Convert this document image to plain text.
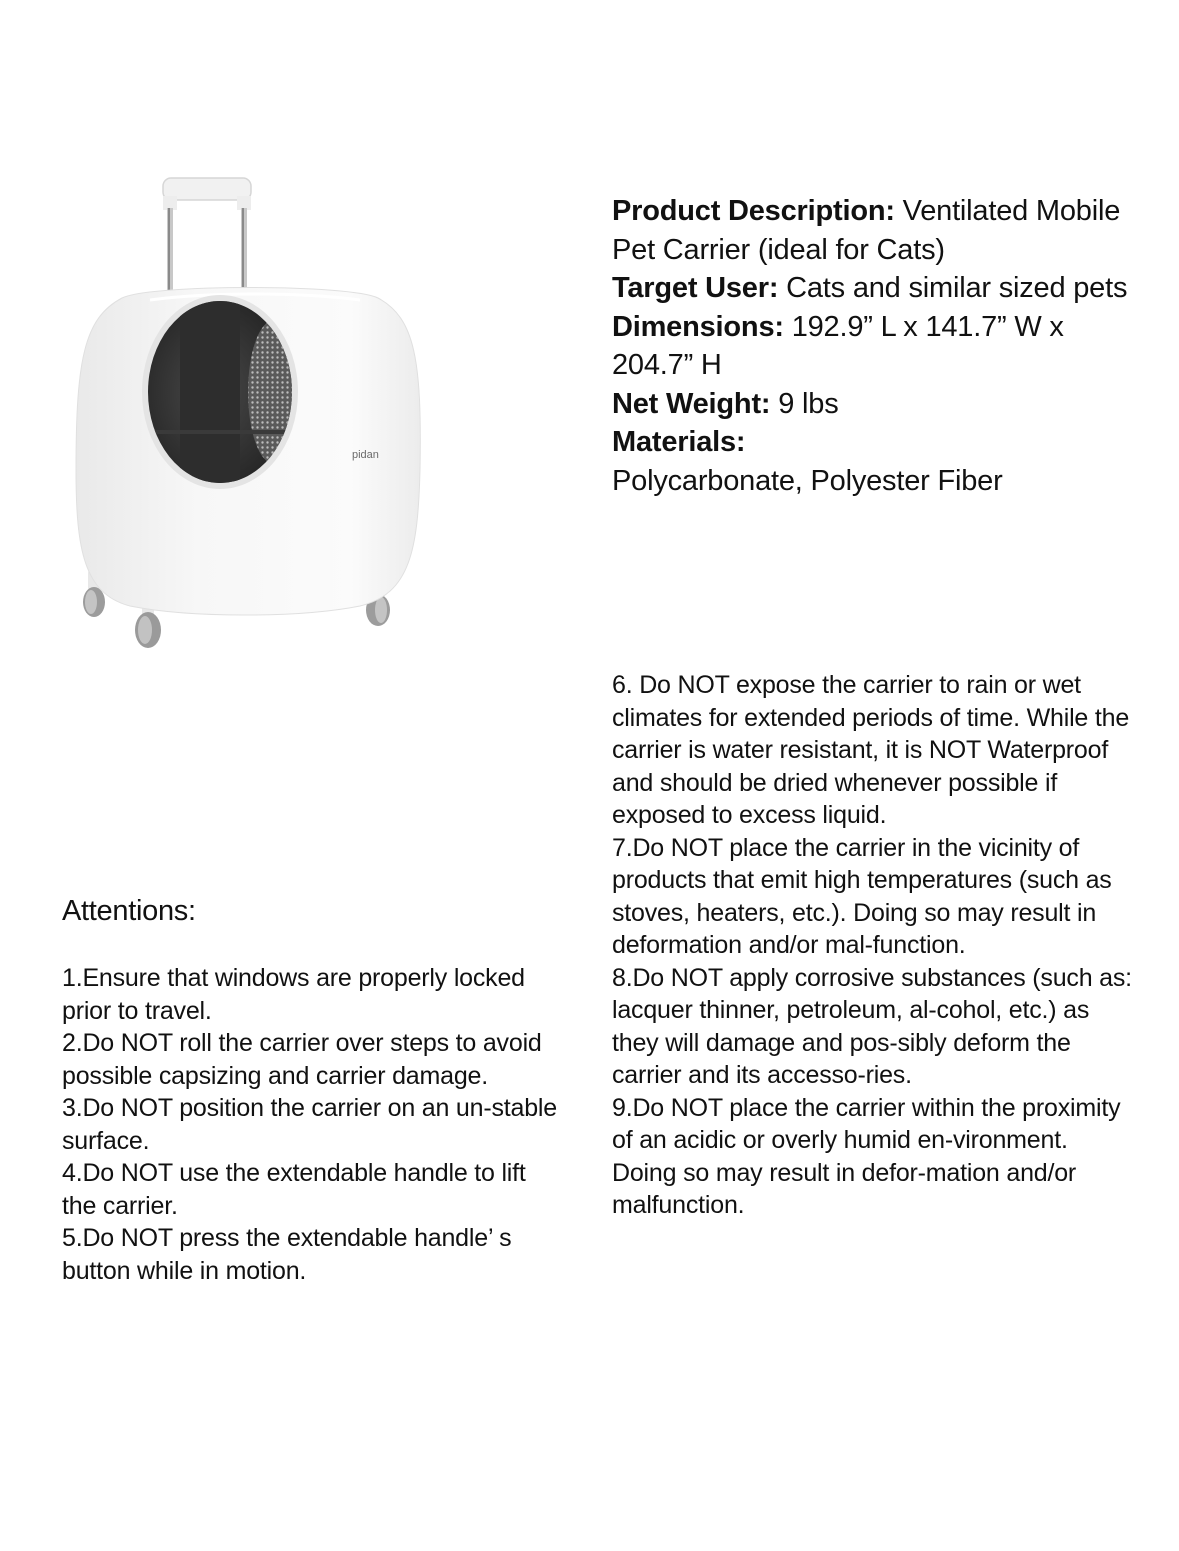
pidan

Product Description: Ventilated Mobile Pet Carrier (ideal for Cats)

Target User: Cats and similar sized pets

Dimensions: 192.9” L x 141.7” W x 204.7” H

Net Weight: 9 lbs

Materials:

Polycarbonate, Polyester Fiber

Attentions:

1.Ensure that windows are properly locked prior to travel.

2.Do NOT roll the carrier over steps to avoid possible capsizing and carrier damage.

3.Do NOT position the carrier on an un-stable surface.

4.Do NOT use the extendable handle to lift the carrier.

5.Do NOT press the extendable handle’ s button while in motion.

6. Do NOT expose the carrier to rain or wet climates for extended periods of time. While the carrier is water resistant, it is NOT Waterproof and should be dried whenever possible if exposed to excess liquid.

7.Do NOT place the carrier in the vicinity of products that emit high temperatures (such as stoves, heaters, etc.). Doing so may result in deformation and/or mal-function.

8.Do NOT apply corrosive substances (such as: lacquer thinner, petroleum, al-cohol, etc.) as they will damage and pos-sibly deform the carrier and its accesso-ries.

9.Do NOT place the carrier within the proximity of an acidic or overly humid en-vironment. Doing so may result in defor-mation and/or malfunction.
